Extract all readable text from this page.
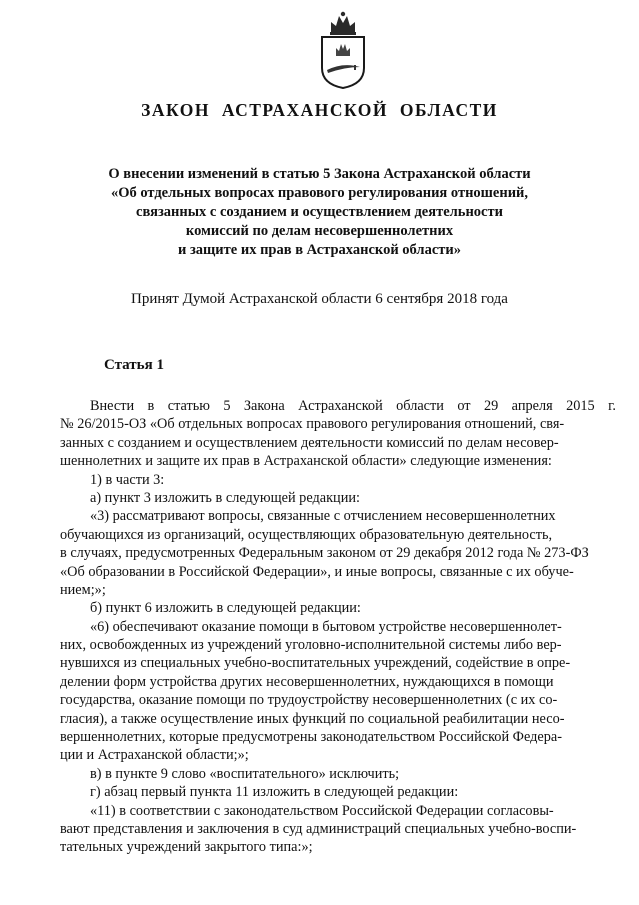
ЗАКОН АСТРАХАНСКОЙ ОБЛАСТИ
О внесении изменений в статью 5 Закона Астраханской области
«Об отдельных вопросах правового регулирования отношений,
связанных с созданием и осуществлением деятельности
комиссий по делам несовершеннолетних
и защите их прав в Астраханской области»
Принят Думой Астраханской области 6 сентября 2018 года
Статья 1
Внести в статью 5 Закона Астраханской области от 29 апреля 2015 г.
№ 26/2015-ОЗ «Об отдельных вопросах правового регулирования отношений, свя-
занных с созданием и осуществлением деятельности комиссий по делам несовер-
шеннолетних и защите их прав в Астраханской области» следующие изменения:
1) в части 3:
а) пункт 3 изложить в следующей редакции:
«3) рассматривают вопросы, связанные с отчислением несовершеннолетних
обучающихся из организаций, осуществляющих образовательную деятельность,
в случаях, предусмотренных Федеральным законом от 29 декабря 2012 года № 273-ФЗ
«Об образовании в Российской Федерации», и иные вопросы, связанные с их обуче-
нием;»;
б) пункт 6 изложить в следующей редакции:
«6) обеспечивают оказание помощи в бытовом устройстве несовершеннолет-
них, освобожденных из учреждений уголовно-исполнительной системы либо вер-
нувшихся из специальных учебно-воспитательных учреждений, содействие в опре-
делении форм устройства других несовершеннолетних, нуждающихся в помощи
государства, оказание помощи по трудоустройству несовершеннолетних (с их со-
гласия), а также осуществление иных функций по социальной реабилитации несо-
вершеннолетних, которые предусмотрены законодательством Российской Федера-
ции и Астраханской области;»;
в) в пункте 9 слово «воспитательного» исключить;
г) абзац первый пункта 11 изложить в следующей редакции:
«11) в соответствии с законодательством Российской Федерации согласовы-
вают представления и заключения в суд администраций специальных учебно-воспи-
тательных учреждений закрытого типа:»;
